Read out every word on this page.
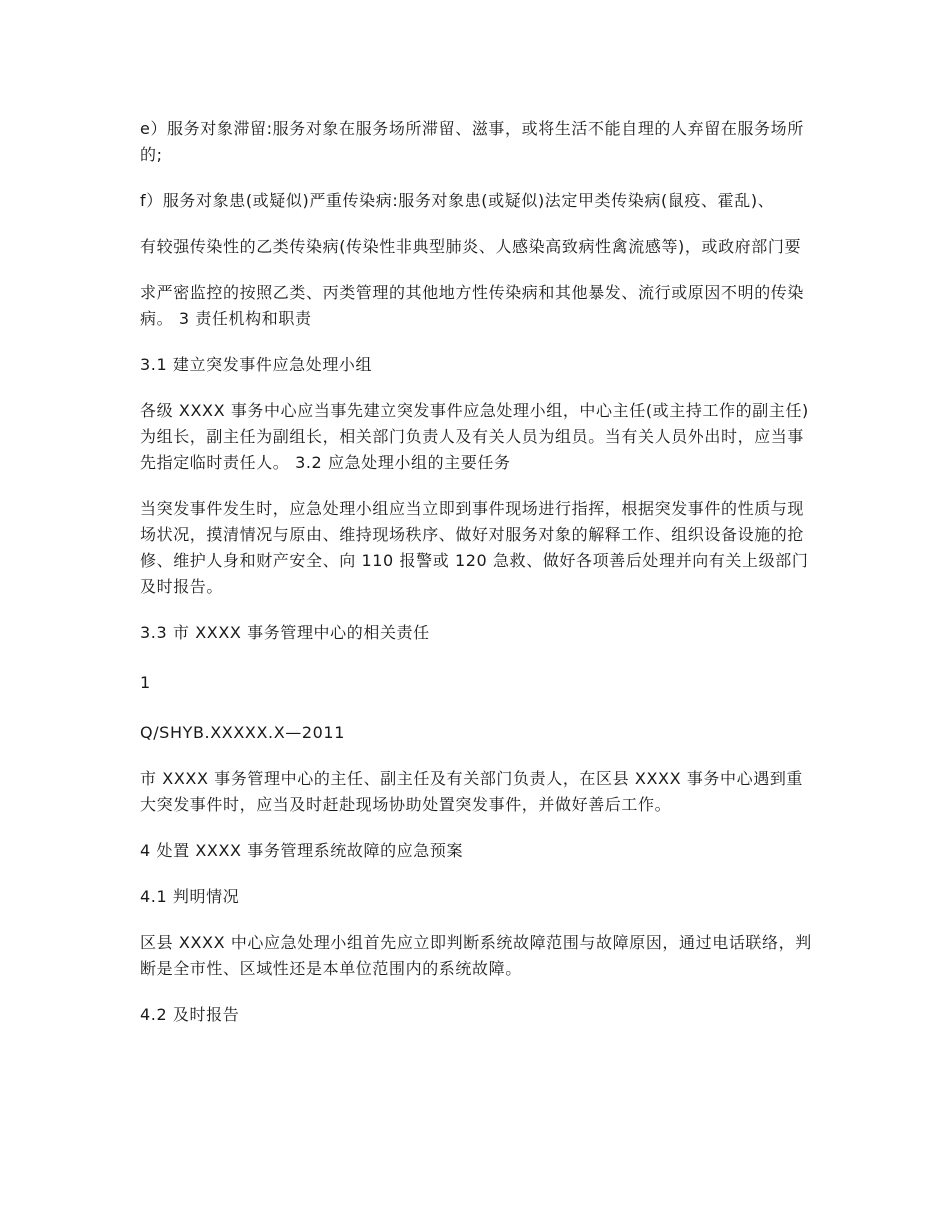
e）服务对象滞留:服务对象在服务场所滞留、滋事，或将生活不能自理的人弃留在服务场所的;

f）服务对象患(或疑似)严重传染病:服务对象患(或疑似)法定甲类传染病(鼠疫、霍乱)、

有较强传染性的乙类传染病(传染性非典型肺炎、人感染高致病性禽流感等)，或政府部门要

求严密监控的按照乙类、丙类管理的其他地方性传染病和其他暴发、流行或原因不明的传染病。 3 责任机构和职责

3.1 建立突发事件应急处理小组

各级 XXXX 事务中心应当事先建立突发事件应急处理小组，中心主任(或主持工作的副主任)为组长，副主任为副组长，相关部门负责人及有关人员为组员。当有关人员外出时，应当事先指定临时责任人。 3.2 应急处理小组的主要任务

当突发事件发生时，应急处理小组应当立即到事件现场进行指挥，根据突发事件的性质与现场状况，摸清情况与原由、维持现场秩序、做好对服务对象的解释工作、组织设备设施的抢修、维护人身和财产安全、向 110 报警或 120 急救、做好各项善后处理并向有关上级部门及时报告。

3.3 市 XXXX 事务管理中心的相关责任

1

Q/SHYB.XXXXX.X—2011

市 XXXX 事务管理中心的主任、副主任及有关部门负责人，在区县 XXXX 事务中心遇到重大突发事件时，应当及时赶赴现场协助处置突发事件，并做好善后工作。

4 处置 XXXX 事务管理系统故障的应急预案

4.1 判明情况

区县 XXXX 中心应急处理小组首先应立即判断系统故障范围与故障原因，通过电话联络，判断是全市性、区域性还是本单位范围内的系统故障。

4.2 及时报告
